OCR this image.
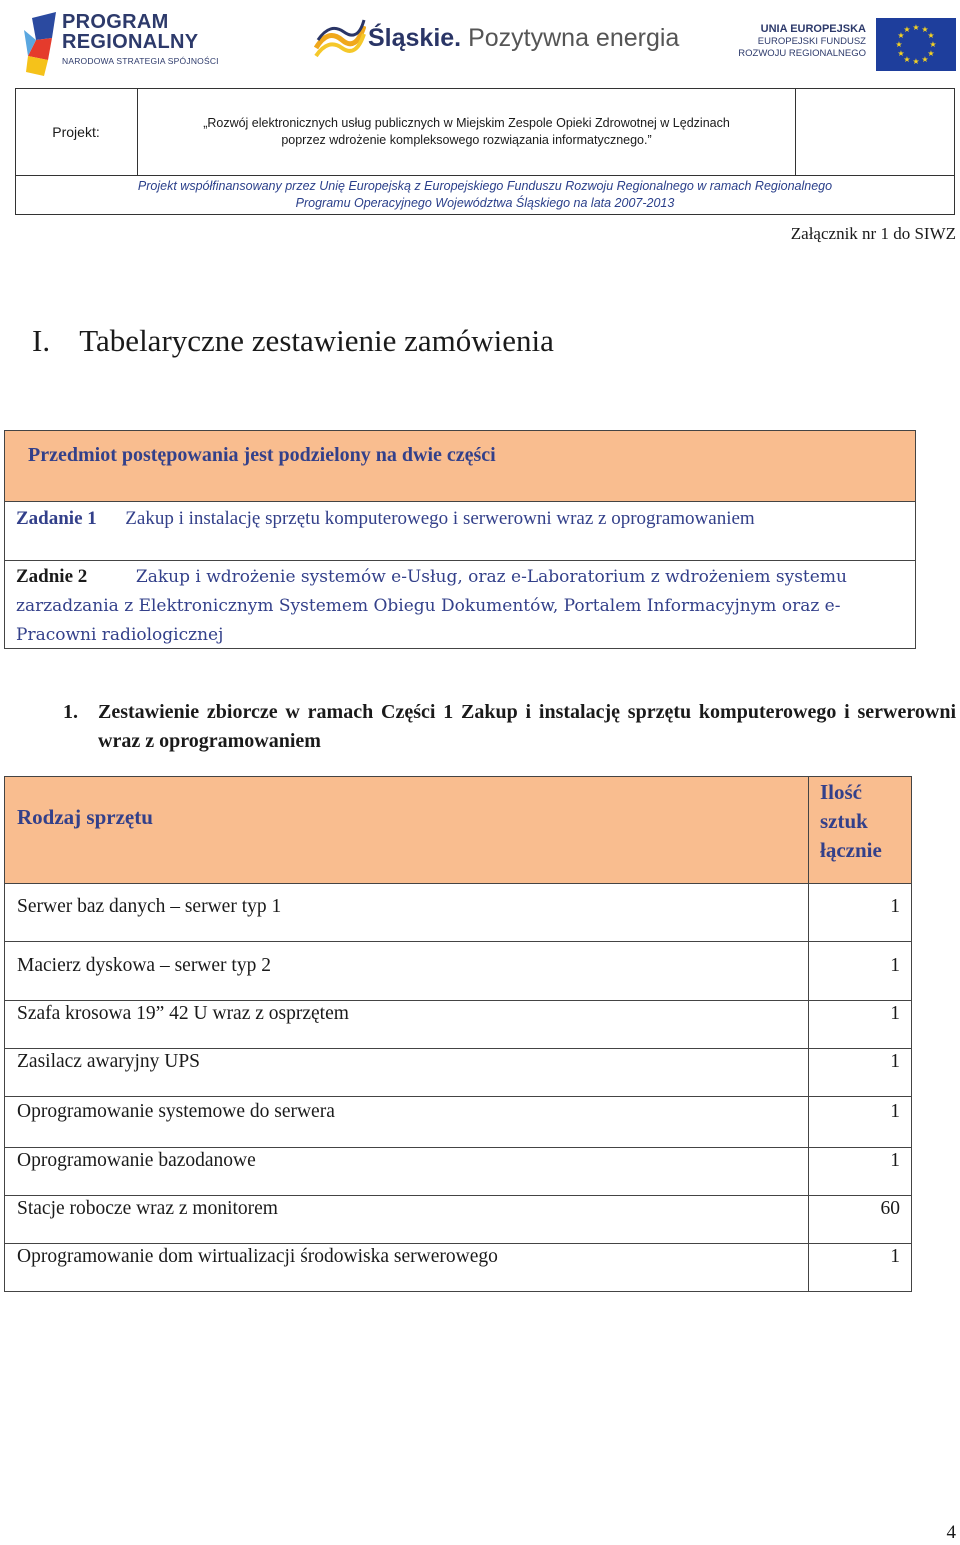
PROGRAM
REGIONALNY
NARODOWA STRATEGIA SPÓJNOŚCI
Śląskie. Pozytywna energia	UNIA EUROPEJSKA
EUROPEJSKI FUNDUSZ
ROZWOJU REGIONALNEGO
★ ★
★
★
★
★
★
★
★
★
★
★
Projekt:
„Rozwój elektronicznych usług publicznych w Miejskim Zespole Opieki Zdrowotnej w Lędzinach
poprzez wdrożenie kompleksowego rozwiązania informatycznego.”
Projekt współfinansowany przez Unię Europejską z Europejskiego Funduszu Rozwoju Regionalnego w ramach Regionalnego
Programu Operacyjnego Województwa Śląskiego na lata 2007-2013
Załącznik nr 1 do SIWZ
I. Tabelaryczne zestawienie zamówienia
Przedmiot postępowania jest podzielony na dwie części
Zadanie 1 Zakup i instalację sprzętu komputerowego i serwerowni wraz z oprogramowaniem
Zadnie 2	Zakup i wdrożenie systemów e-Usług, oraz e-Laboratorium z wdrożeniem systemu zarzadzania z Elektronicznym Systemem Obiegu Dokumentów, Portalem Informacyjnym oraz e-Pracowni radiologicznej
1. Zestawienie zbiorcze w ramach Części 1 Zakup i instalację sprzętu komputerowego i serwerowni wraz z oprogramowaniem
Rodzaj sprzętu
Ilość
sztuk
łącznie
Serwer baz danych – serwer typ 1	1
Macierz dyskowa – serwer typ 2	1
Szafa krosowa 19” 42 U wraz z osprzętem	1
Zasilacz awaryjny UPS	1
Oprogramowanie systemowe do serwera	1
Oprogramowanie bazodanowe	1
Stacje robocze wraz z monitorem	60
Oprogramowanie dom wirtualizacji środowiska serwerowego	1
4
